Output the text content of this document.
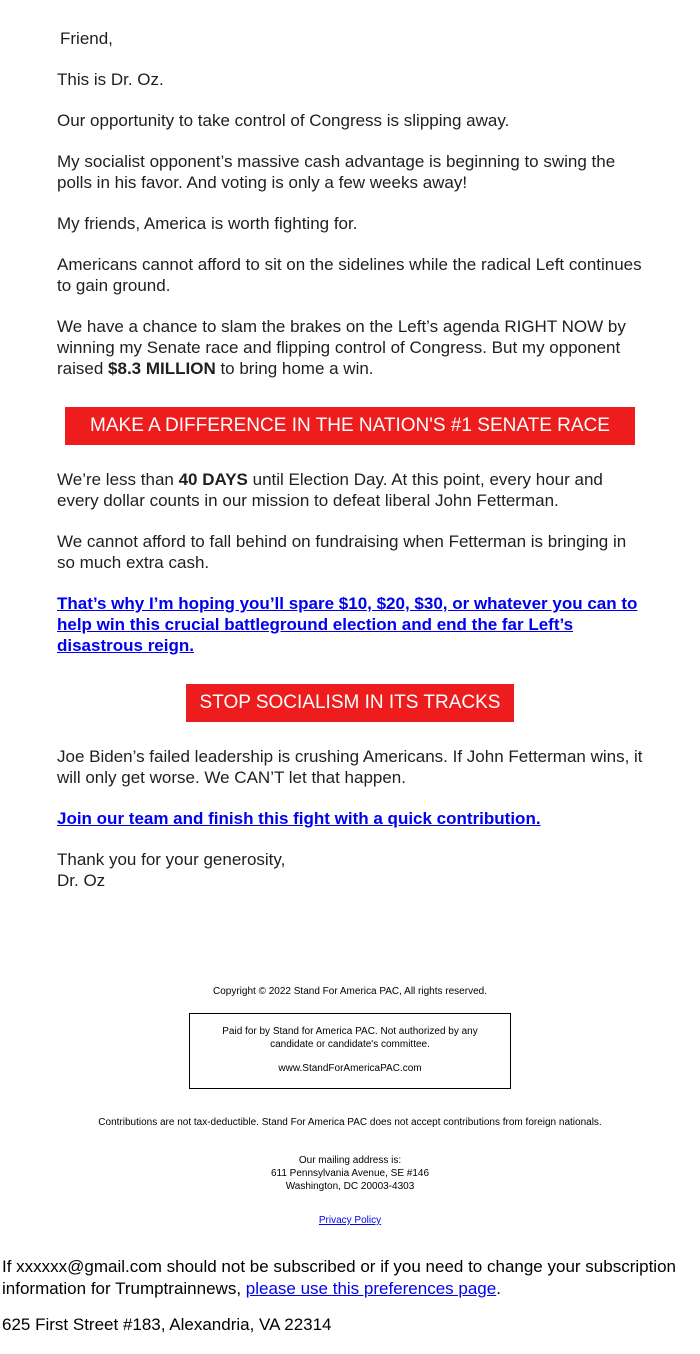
Friend,

This is Dr. Oz.

Our opportunity to take control of Congress is slipping away.

My socialist opponent’s massive cash advantage is beginning to swing the polls in his favor. And voting is only a few weeks away!

My friends, America is worth fighting for.

Americans cannot afford to sit on the sidelines while the radical Left continues to gain ground.

We have a chance to slam the brakes on the Left’s agenda RIGHT NOW by winning my Senate race and flipping control of Congress. But my opponent raised $8.3 MILLION to bring home a win.

MAKE A DIFFERENCE IN THE NATION'S #1 SENATE RACE

We’re less than 40 DAYS until Election Day. At this point, every hour and every dollar counts in our mission to defeat liberal John Fetterman.

We cannot afford to fall behind on fundraising when Fetterman is bringing in so much extra cash.

That’s why I’m hoping you’ll spare $10, $20, $30, or whatever you can to help win this crucial battleground election and end the far Left’s disastrous reign.

STOP SOCIALISM IN ITS TRACKS

Joe Biden’s failed leadership is crushing Americans. If John Fetterman wins, it will only get worse. We CAN’T let that happen.

Join our team and finish this fight with a quick contribution.

Thank you for your generosity,
Dr. Oz

Copyright © 2022 Stand For America PAC, All rights reserved.
Paid for by Stand for America PAC. Not authorized by any candidate or candidate's committee.
www.StandForAmericaPAC.com
Contributions are not tax-deductible. Stand For America PAC does not accept contributions from foreign nationals.
Our mailing address is:
611 Pennsylvania Avenue, SE #146
Washington, DC 20003-4303
Privacy Policy

If xxxxxx@gmail.com should not be subscribed or if you need to change your subscription information for Trumptrainnews, please use this preferences page.

625 First Street #183, Alexandria, VA 22314
